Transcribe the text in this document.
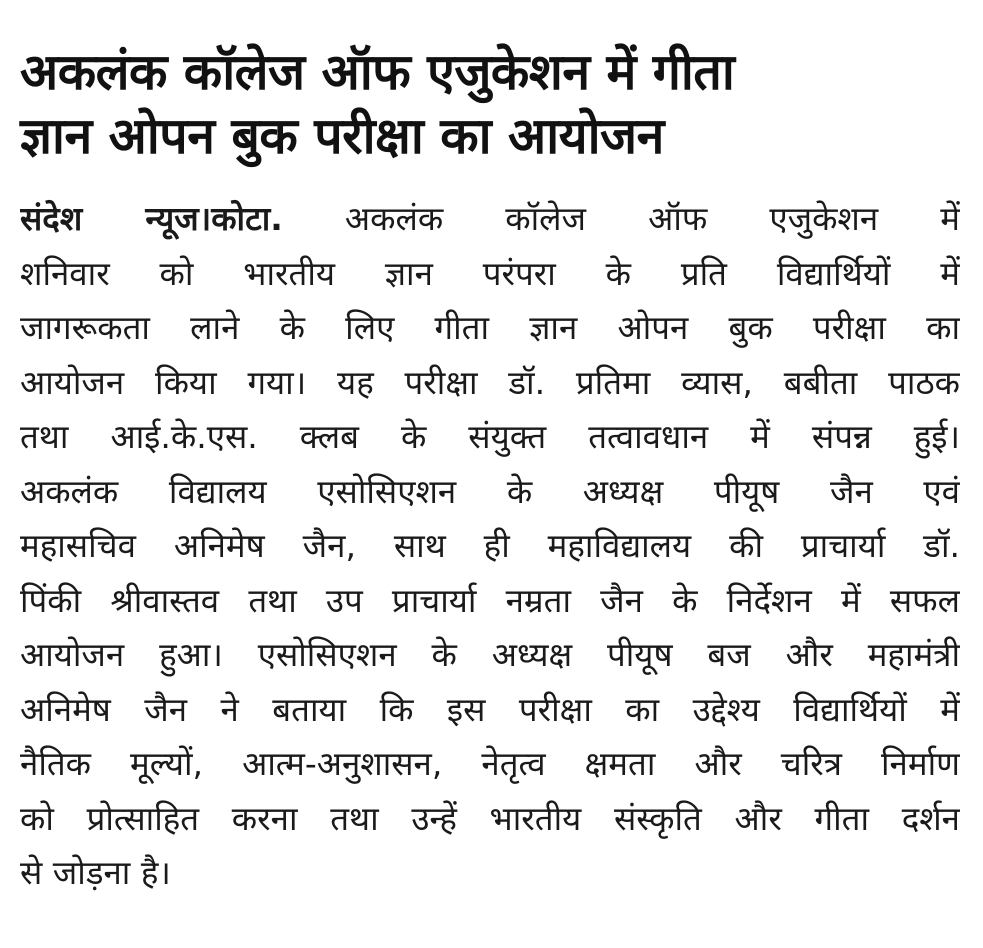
अकलंक कॉलेज ऑफ एजुकेशन में गीता
ज्ञान ओपन बुक परीक्षा का आयोजन
संदेश न्यूज।कोटा. अकलंक कॉलेज ऑफ एजुकेशन में
शनिवार को भारतीय ज्ञान परंपरा के प्रति विद्यार्थियों में
जागरूकता लाने के लिए गीता ज्ञान ओपन बुक परीक्षा का
आयोजन किया गया। यह परीक्षा डॉ. प्रतिमा व्यास, बबीता पाठक
तथा आई.के.एस. क्लब के संयुक्त तत्वावधान में संपन्न हुई।
अकलंक विद्यालय एसोसिएशन के अध्यक्ष पीयूष जैन एवं
महासचिव अनिमेष जैन, साथ ही महाविद्यालय की प्राचार्या डॉ.
पिंकी श्रीवास्तव तथा उप प्राचार्या नम्रता जैन के निर्देशन में सफल
आयोजन हुआ। एसोसिएशन के अध्यक्ष पीयूष बज और महामंत्री
अनिमेष जैन ने बताया कि इस परीक्षा का उद्देश्य विद्यार्थियों में
नैतिक मूल्यों, आत्म-अनुशासन, नेतृत्व क्षमता और चरित्र निर्माण
को प्रोत्साहित करना तथा उन्हें भारतीय संस्कृति और गीता दर्शन
से जोड़ना है।
